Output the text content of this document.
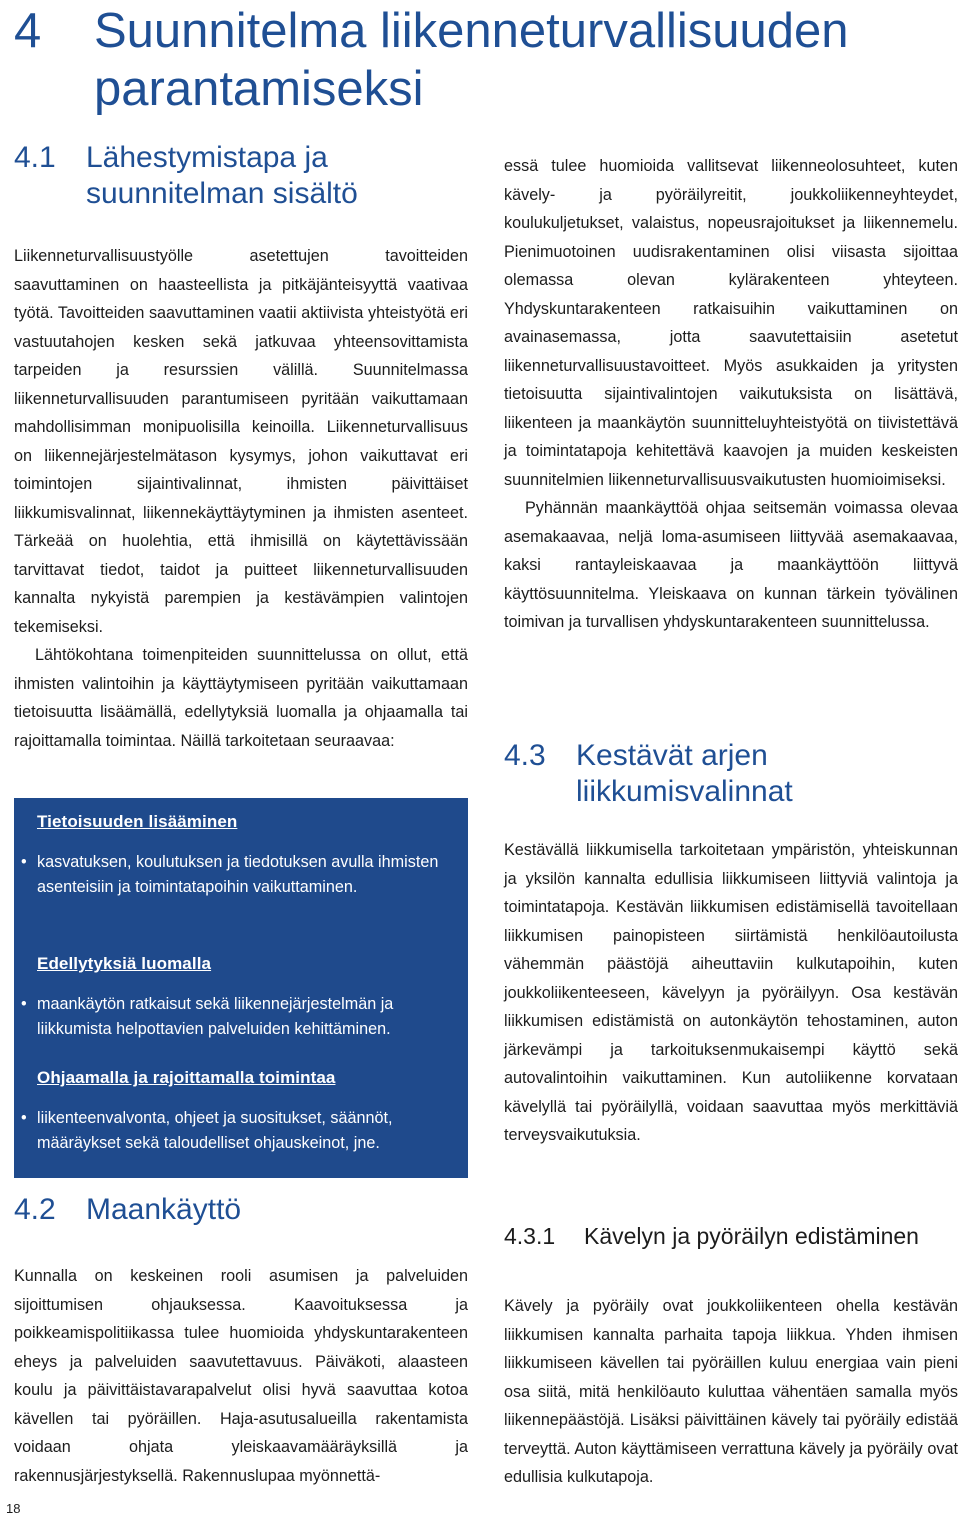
4 Suunnitelma liikenneturvallisuuden parantamiseksi
4.1 Lähestymistapa ja suunnitelman sisältö

Liikenneturvallisuustyölle asetettujen tavoitteiden saavuttaminen on haasteellista ja pitkäjänteisyyttä vaativaa työtä. Tavoitteiden saavuttaminen vaatii aktiivista yhteistyötä eri vastuutahojen kesken sekä jatkuvaa yhteensovittamista tarpeiden ja resurssien välillä. Suunnitelmassa liikenneturvallisuuden parantumiseen pyritään vaikuttamaan mahdollisimman monipuolisilla keinoilla. Liikenneturvallisuus on liikennejärjestelmätason kysymys, johon vaikuttavat eri toimintojen sijaintivalinnat, ihmisten päivittäiset liikkumisvalinnat, liikennekäyttäytyminen ja ihmisten asenteet. Tärkeää on huolehtia, että ihmisillä on käytettävissään tarvittavat tiedot, taidot ja puitteet liikenneturvallisuuden kannalta nykyistä parempien ja kestävämpien valintojen tekemiseksi.

Lähtökohtana toimenpiteiden suunnittelussa on ollut, että ihmisten valintoihin ja käyttäytymiseen pyritään vaikuttamaan tietoisuutta lisäämällä, edellytyksiä luomalla ja ohjaamalla tai rajoittamalla toimintaa. Näillä tarkoitetaan seuraavaa:

Tietoisuuden lisääminen
• kasvatuksen, koulutuksen ja tiedotuksen avulla ihmisten asenteisiin ja toimintatapoihin vaikuttaminen.
Edellytyksiä luomalla
• maankäytön ratkaisut sekä liikennejärjestelmän ja liikkumista helpottavien palveluiden kehittäminen.
Ohjaamalla ja rajoittamalla toimintaa
• liikenteenvalvonta, ohjeet ja suositukset, säännöt, määräykset sekä taloudelliset ohjauskeinot, jne.
4.2 Maankäyttö

Kunnalla on keskeinen rooli asumisen ja palveluiden sijoittumisen ohjauksessa. Kaavoituksessa ja poikkeamispolitiikassa tulee huomioida yhdyskuntarakenteen eheys ja palveluiden saavutettavuus. Päiväkoti, alaasteen koulu ja päivittäistavarapalvelut olisi hyvä saavuttaa kotoa kävellen tai pyöräillen. Haja-asutusalueilla rakentamista voidaan ohjata yleiskaavamääräyksillä ja rakennusjärjestyksellä. Rakennuslupaa myönnettä-

essä tulee huomioida vallitsevat liikenneolosuhteet, kuten kävely- ja pyöräilyreitit, joukkoliikenneyhteydet, koulukuljetukset, valaistus, nopeusrajoitukset ja liikennemelu. Pienimuotoinen uudisrakentaminen olisi viisasta sijoittaa olemassa olevan kylärakenteen yhteyteen. Yhdyskuntarakenteen ratkaisuihin vaikuttaminen on avainasemassa, jotta saavutettaisiin asetetut liikenneturvallisuustavoitteet. Myös asukkaiden ja yritysten tietoisuutta sijaintivalintojen vaikutuksista on lisättävä, liikenteen ja maankäytön suunnitteluyhteistyötä on tiivistettävä ja toimintatapoja kehitettävä kaavojen ja muiden keskeisten suunnitelmien liikenneturvallisuusvaikutusten huomioimiseksi.

Pyhännän maankäyttöä ohjaa seitsemän voimassa olevaa asemakaavaa, neljä loma-asumiseen liittyvää asemakaavaa, kaksi rantayleiskaavaa ja maankäyttöön liittyvä käyttösuunnitelma. Yleiskaava on kunnan tärkein työvälinen toimivan ja turvallisen yhdyskuntarakenteen suunnittelussa.

4.3 Kestävät arjen liikkumisvalinnat

Kestävällä liikkumisella tarkoitetaan ympäristön, yhteiskunnan ja yksilön kannalta edullisia liikkumiseen liittyviä valintoja ja toimintatapoja. Kestävän liikkumisen edistämisellä tavoitellaan liikkumisen painopisteen siirtämistä henkilöautoilusta vähemmän päästöjä aiheuttaviin kulkutapoihin, kuten joukkoliikenteeseen, kävelyyn ja pyöräilyyn. Osa kestävän liikkumisen edistämistä on autonkäytön tehostaminen, auton järkevämpi ja tarkoituksenmukaisempi käyttö sekä autovalintoihin vaikuttaminen. Kun autoliikenne korvataan kävelyllä tai pyöräilyllä, voidaan saavuttaa myös merkittäviä terveysvaikutuksia.

4.3.1 Kävelyn ja pyöräilyn edistäminen

Kävely ja pyöräily ovat joukkoliikenteen ohella kestävän liikkumisen kannalta parhaita tapoja liikkua. Yhden ihmisen liikkumiseen kävellen tai pyöräillen kuluu energiaa vain pieni osa siitä, mitä henkilöauto kuluttaa vähentäen samalla myös liikennepäästöjä. Lisäksi päivittäinen kävely tai pyöräily edistää terveyttä. Auton käyttämiseen verrattuna kävely ja pyöräily ovat edullisia kulkutapoja.

18
